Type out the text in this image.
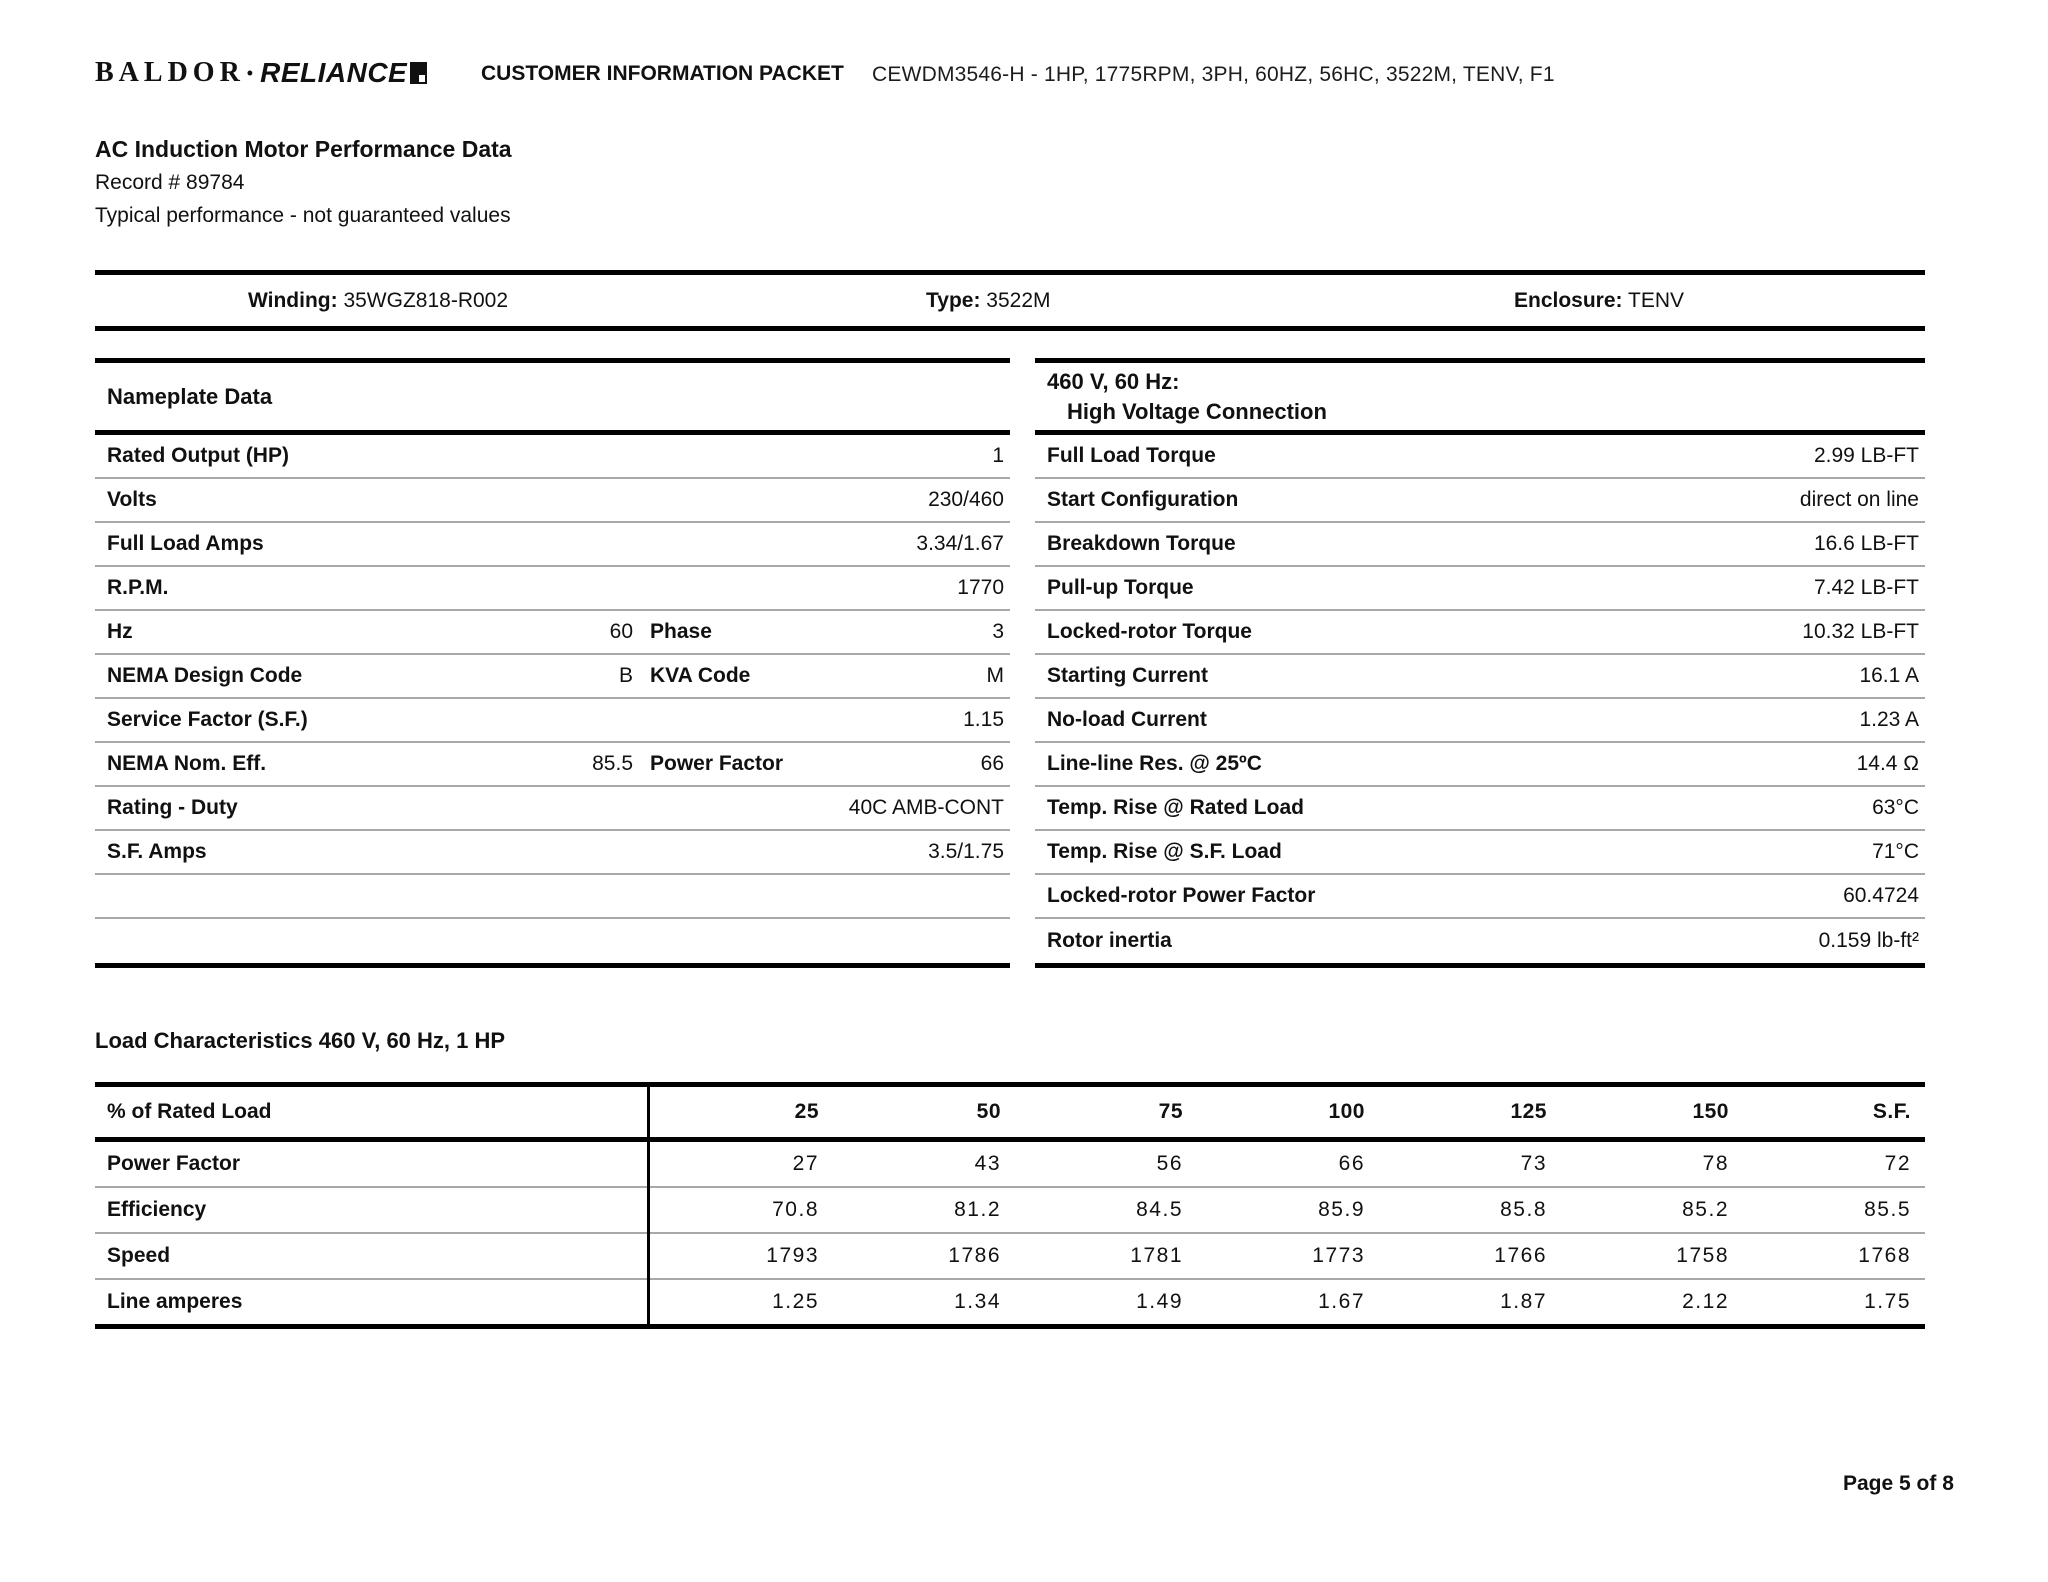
BALDOR • RELIANCE	CUSTOMER INFORMATION PACKET CEWDM3546-H - 1HP, 1775RPM, 3PH, 60HZ, 56HC, 3522M, TENV, F1
AC Induction Motor Performance Data
Record # 89784
Typical performance - not guaranteed values
Winding: 35WGZ818-R002	Type: 3522M	Enclosure: TENV
Nameplate Data
Rated Output (HP)	1
Volts	230/460
Full Load Amps	3.34/1.67
R.P.M.	1770
Hz	60 Phase	3
NEMA Design Code	B KVA Code	M
Service Factor (S.F.)	1.15
NEMA Nom. Eff.	85.5 Power Factor	66
Rating - Duty	40C AMB-CONT
S.F. Amps	3.5/1.75
460 V, 60 Hz:
High Voltage Connection
Full Load Torque	2.99 LB-FT
Start Configuration	direct on line
Breakdown Torque	16.6 LB-FT
Pull-up Torque	7.42 LB-FT
Locked-rotor Torque	10.32 LB-FT
Starting Current	16.1 A
No-load Current	1.23 A
Line-line Res. @ 25ºC	14.4 Ω
Temp. Rise @ Rated Load	63°C
Temp. Rise @ S.F. Load	71°C
Locked-rotor Power Factor	60.4724
Rotor inertia	0.159 lb-ft²
Load Characteristics 460 V, 60 Hz, 1 HP
% of Rated Load	25	50	75	100	125	150	S.F.
Power Factor	27	43	56	66	73	78	72
Efficiency	70.8	81.2	84.5	85.9	85.8	85.2	85.5
Speed	1793	1786	1781	1773	1766	1758	1768
Line amperes	1.25	1.34	1.49	1.67	1.87	2.12	1.75
Page 5 of 8
